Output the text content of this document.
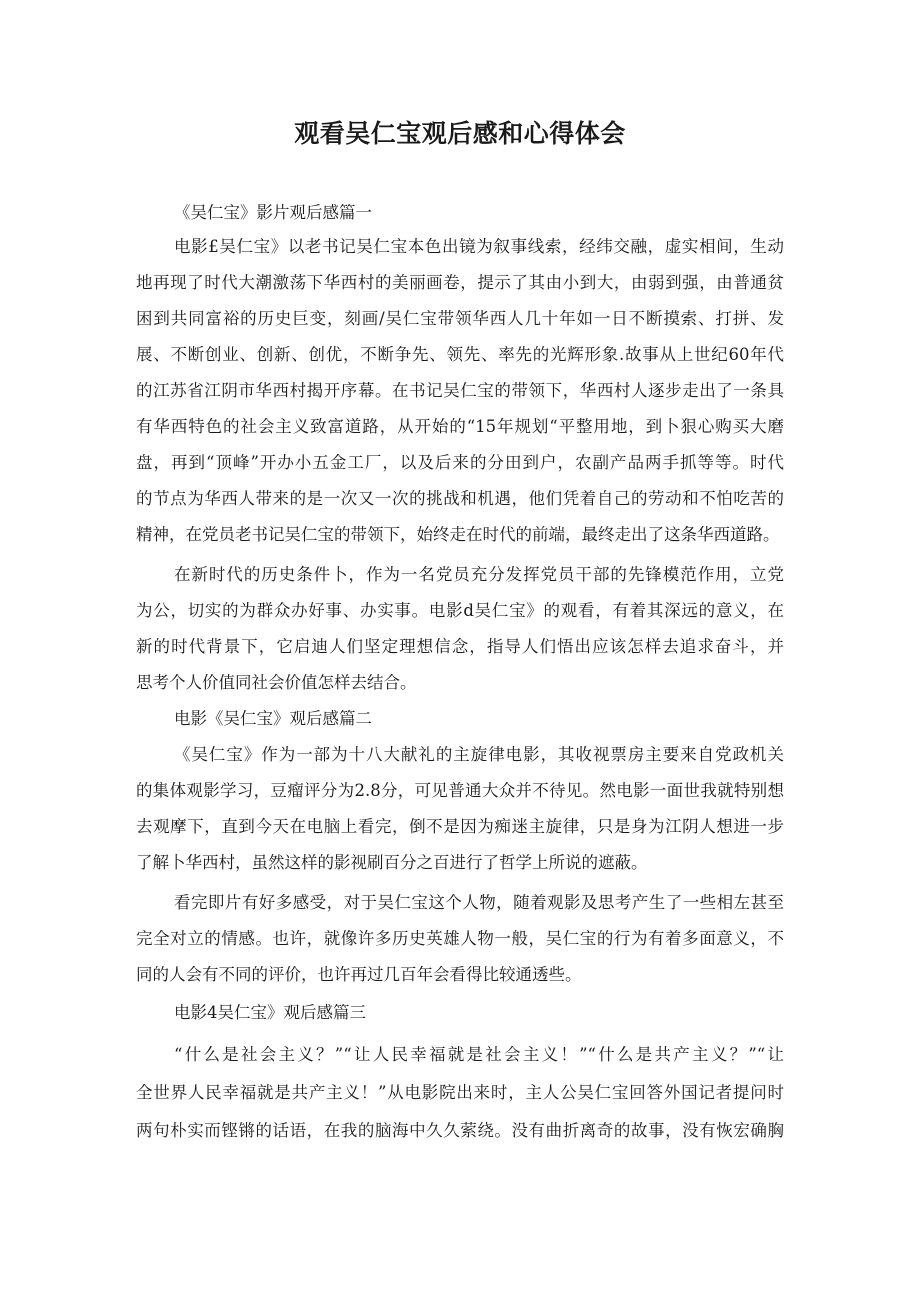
观看吴仁宝观后感和心得体会
《吴仁宝》影片观后感篇一
电影£吴仁宝》以老书记吴仁宝本色出镜为叙事线索，经纬交融，虚实相间，生动
地再现了时代大潮激荡下华西村的美丽画卷，提示了其由小到大，由弱到强，由普通贫
困到共同富裕的历史巨变，刻画/吴仁宝带领华西人几十年如一日不断摸索、打拼、发
展、不断创业、创新、创优，不断争先、领先、率先的光辉形象.故事从上世纪60年代
的江苏省江阴市华西村揭开序幕。在书记吴仁宝的带领下，华西村人逐步走出了一条具
有华西特色的社会主义致富道路，从开始的“15年规划“平整用地，到卜狠心购买大磨
盘，再到“顶峰”开办小五金工厂，以及后来的分田到户，农副产品两手抓等等。时代
的节点为华西人带来的是一次又一次的挑战和机遇，他们凭着自己的劳动和不怕吃苦的
精神，在党员老书记吴仁宝的带领下，始终走在时代的前端，最终走出了这条华西道路。
在新时代的历史条件卜，作为一名党员充分发挥党员干部的先锋模范作用，立党
为公，切实的为群众办好事、办实事。电影d吴仁宝》的观看，有着其深远的意义，在
新的时代背景下，它启迪人们坚定理想信念，指导人们悟出应该怎样去追求奋斗，并
思考个人价值同社会价值怎样去结合。
电影《吴仁宝》观后感篇二
《吴仁宝》作为一部为十八大献礼的主旋律电影，其收视票房主要来自党政机关
的集体观影学习，豆瘤评分为2.8分，可见普通大众并不待见。然电影一面世我就特别想
去观摩下，直到今天在电脑上看完，倒不是因为痴迷主旋律，只是身为江阴人想进一步
了解卜华西村，虽然这样的影视刷百分之百进行了哲学上所说的遮蔽。
看完即片有好多感受，对于吴仁宝这个人物，随着观影及思考产生了一些相左甚至
完全对立的情感。也许，就像许多历史英雄人物一般，吴仁宝的行为有着多面意义，不
同的人会有不同的评价，也许再过几百年会看得比较通透些。
电影4吴仁宝》观后感篇三
“什么是社会主义？”“让人民幸福就是社会主义！”“什么是共产主义？”“让
全世界人民幸福就是共产主义！”从电影院出来时，主人公吴仁宝回答外国记者提问时
两句朴实而铿锵的话语，在我的脑海中久久萦绕。没有曲折离奇的故事，没有恢宏确胸
